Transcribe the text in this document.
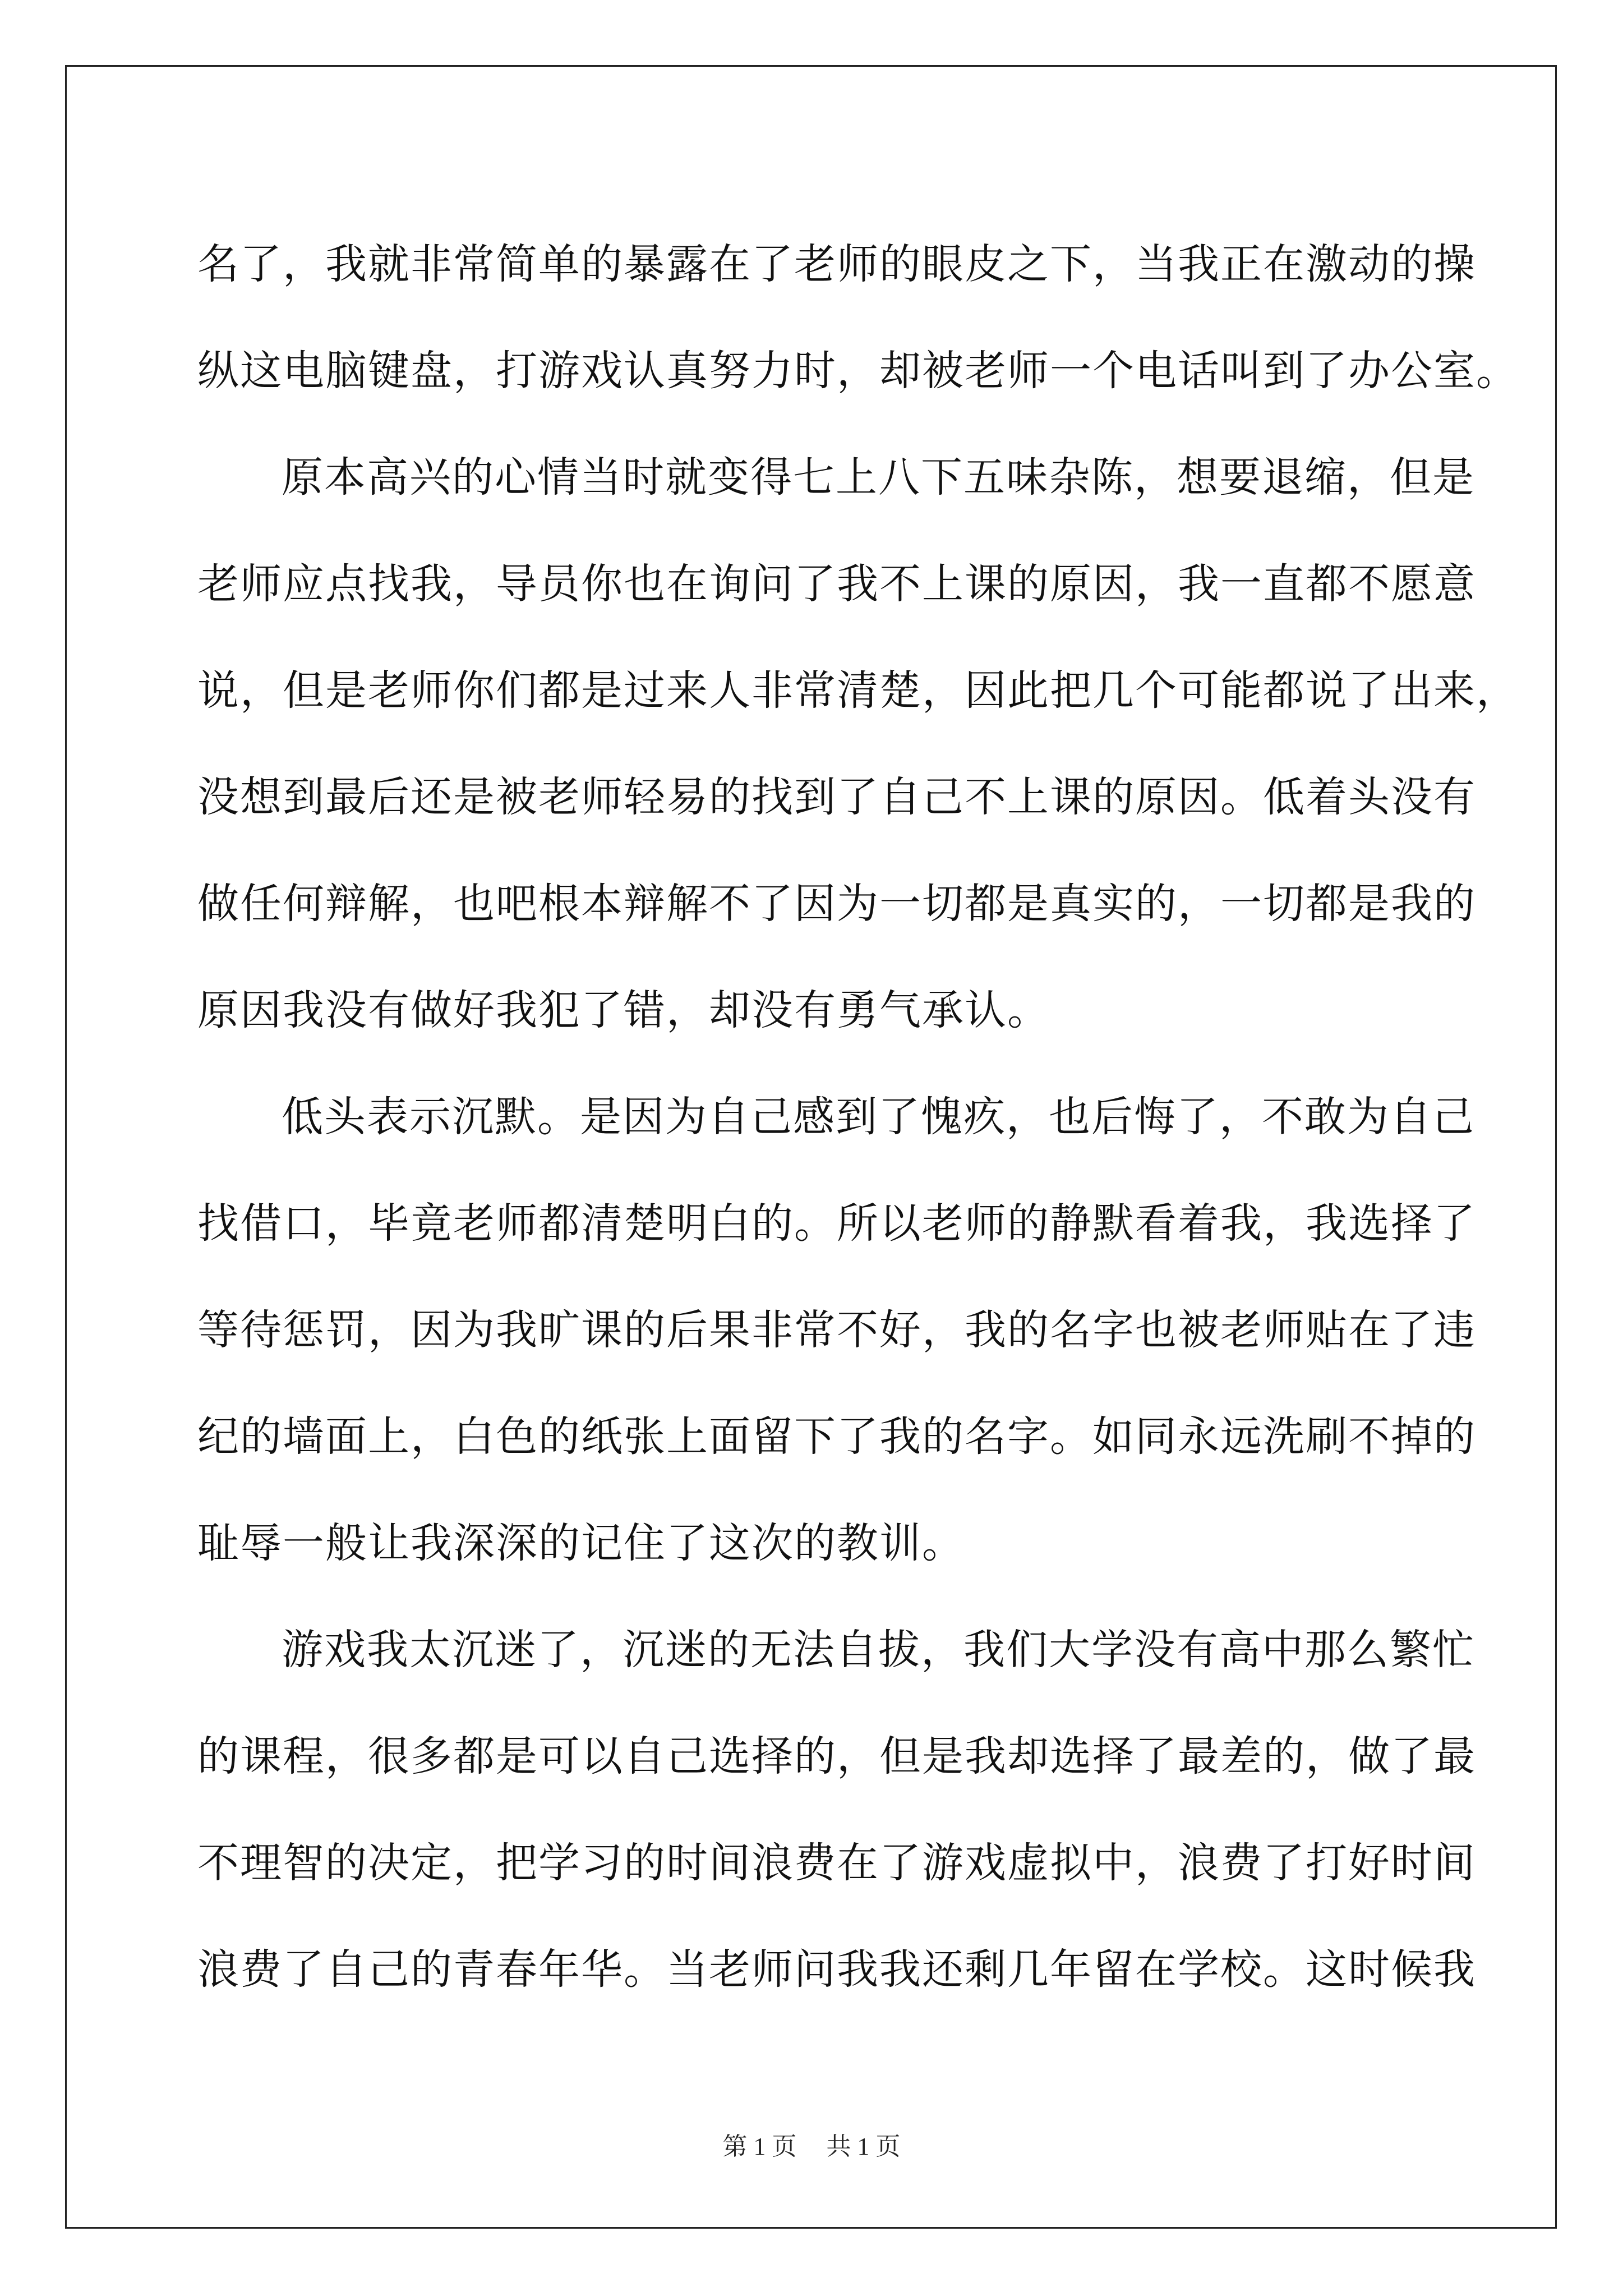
名了，我就非常简单的暴露在了老师的眼皮之下，当我正在激动的操
纵这电脑键盘，打游戏认真努力时，却被老师一个电话叫到了办公室。
原本高兴的心情当时就变得七上八下五味杂陈，想要退缩，但是
老师应点找我，导员你也在询问了我不上课的原因，我一直都不愿意
说，但是老师你们都是过来人非常清楚，因此把几个可能都说了出来，
没想到最后还是被老师轻易的找到了自己不上课的原因。低着头没有
做任何辩解，也吧根本辩解不了因为一切都是真实的，一切都是我的
原因我没有做好我犯了错，却没有勇气承认。
低头表示沉默。是因为自己感到了愧疚，也后悔了，不敢为自己
找借口，毕竟老师都清楚明白的。所以老师的静默看着我，我选择了
等待惩罚，因为我旷课的后果非常不好，我的名字也被老师贴在了违
纪的墙面上，白色的纸张上面留下了我的名字。如同永远洗刷不掉的
耻辱一般让我深深的记住了这次的教训。
游戏我太沉迷了，沉迷的无法自拔，我们大学没有高中那么繁忙
的课程，很多都是可以自己选择的，但是我却选择了最差的，做了最
不理智的决定，把学习的时间浪费在了游戏虚拟中，浪费了打好时间
浪费了自己的青春年华。当老师问我我还剩几年留在学校。这时候我
第 1 页 共 1 页
